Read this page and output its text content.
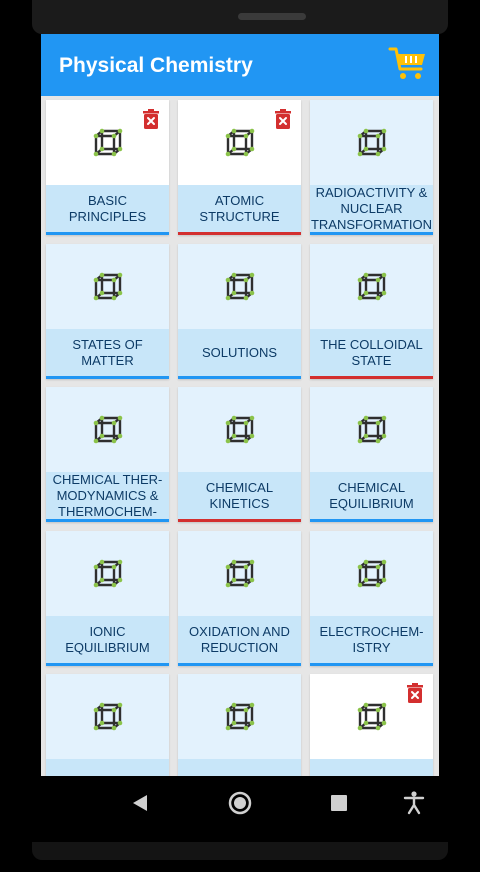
Physical Chemistry
BASIC PRINCIPLES
ATOMIC STRUCTURE
RADIOACTIVITY & NUCLEAR TRANSFORMATION
STATES OF MATTER
SOLUTIONS
THE COLLOIDAL STATE
CHEMICAL THER-MODYNAMICS & THERMOCHEM-
CHEMICAL KINETICS
CHEMICAL EQUILIBRIUM
IONIC EQUILIBRIUM
OXIDATION AND REDUCTION
ELECTROCHEM-ISTRY
